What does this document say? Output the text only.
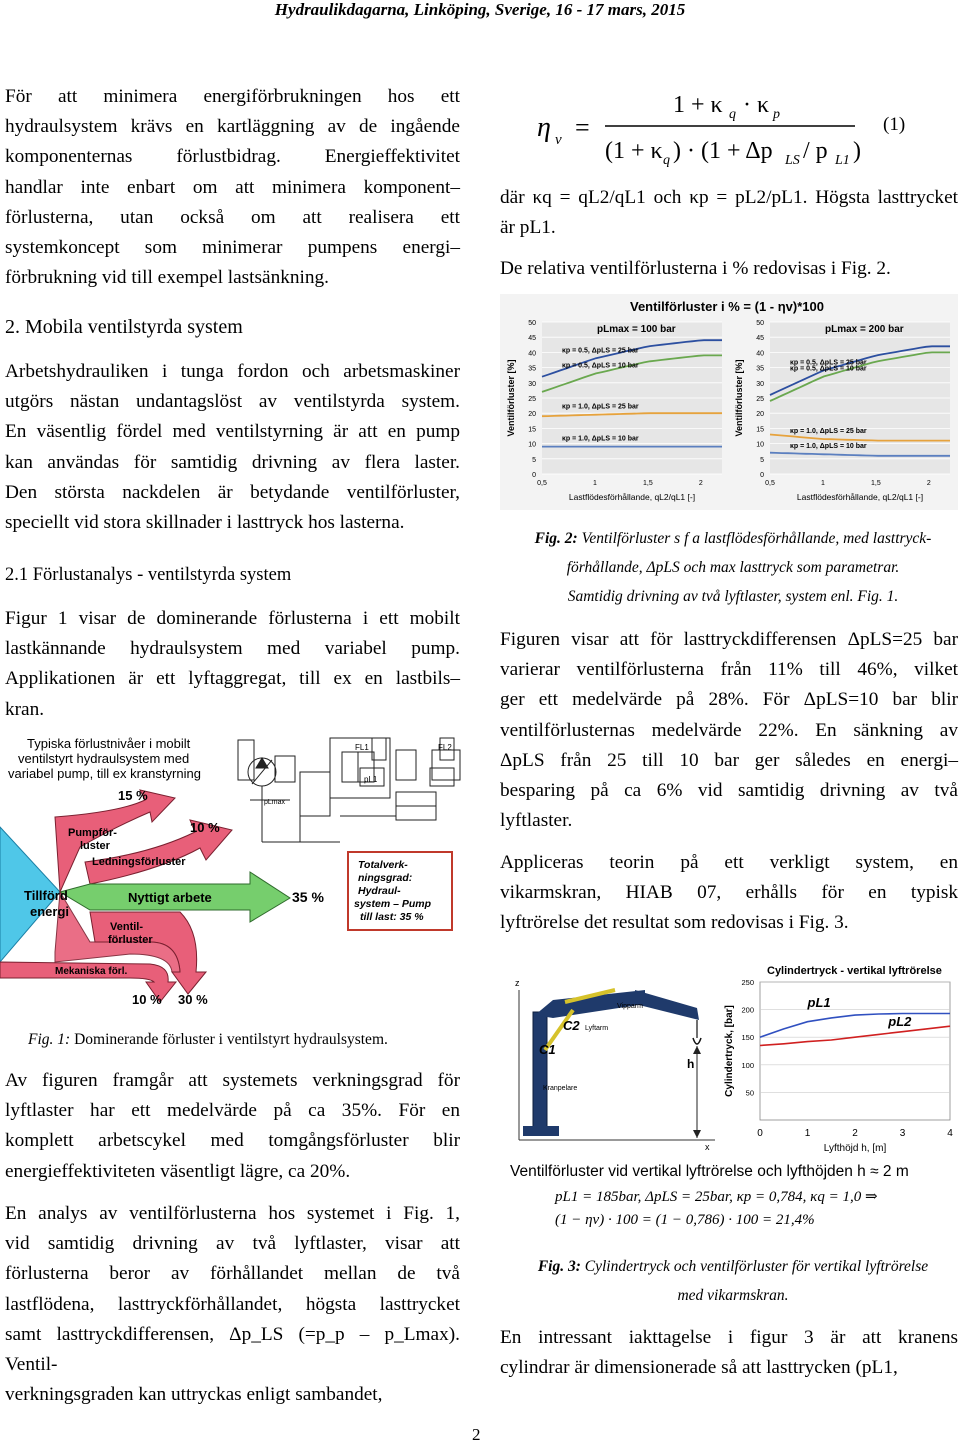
Hydraulikdagarna, Linköping, Sverige, 16 - 17 mars, 2015

För att minimera energiförbrukningen hos ett

hydraulsystem krävs en kartläggning av de ingående

komponenternas förlustbidrag. Energieffektivitet

handlar inte enbart om att minimera komponent–

förlusterna, utan också om att realisera ett

systemkoncept som minimerar pumpens energi–

förbrukning vid till exempel lastsänkning.

2. Mobila ventilstyrda system

Arbetshydrauliken i tunga fordon och arbetsmaskiner

utgörs nästan undantagslöst av ventilstyrda system.

En väsentlig fördel med ventilstyrning är att en pump

kan användas för samtidig drivning av flera laster.

Den största nackdelen är betydande ventilförluster,

speciellt vid stora skillnader i lasttryck hos lasterna.

2.1 Förlustanalys - ventilstyrda system

Figur 1 visar de dominerande förlusterna i ett mobilt

lastkännande hydraulsystem med variabel pump.

Applikationen är ett lyftaggregat, till ex en lastbils–

kran.

FL1	FL2
pL1
pLmax
Typiska förlustnivåer i mobilt
ventilstyrt hydraulsystem med
variabel pump, till ex kranstyrning
15 %
10 %
Pumpför-
luster
Ledningsförluster
Tillförd
energi
Nyttigt arbete
Ventil-
förluster
Mekaniska förl.
35 %
10 % 30 %
Totalverk-
ningsgrad:
Hydraul-
system – Pump
till last: 35 %
Fig. 1: Dominerande förluster i ventilstyrt hydraulsystem.

Av figuren framgår att systemets verkningsgrad för

lyftlaster har ett medelvärde på ca 35%. För en

komplett arbetscykel med tomgångsförluster blir

energieffektiviteten väsentligt lägre, ca 20%.

En analys av ventilförlusterna hos systemet i Fig. 1,

vid samtidig drivning av två lyftlaster, visar att

förlusterna beror av förhållandet mellan de två

lastflödena, lasttryckförhållandet, högsta lasttrycket

samt lasttryckdifferensen, Δp_LS (=p_p – p_Lmax). Ventil-

verkningsgraden kan uttryckas enligt sambandet,

η v =
1 + κ q · κ p
(1 + κ q ) · (1 + Δp LS / p L1 )
(1)

där κq = qL2/qL1 och κp = pL2/pL1. Högsta lasttrycket

är pL1.

De relativa ventilförlusterna i % redovisas i Fig. 2.
Ventilförluster i % = (1 - ηv)*100
50
45
40
35
30
25
20
15
10
5
0
0,5	1	1,5	2
Lastflödesförhållande, qL2/qL1 [-]
Ventilförluster [%]
pLmax = 100 bar
κp = 0.5, ΔpLS = 25 bar
κp = 0.5, ΔpLS = 10 bar
κp = 1.0, ΔpLS = 25 bar
κp = 1.0, ΔpLS = 10 bar
50
45
40
35
30
25
20
15
10
5
0
0,5	1	1,5	2
Lastflödesförhållande, qL2/qL1 [-]
Ventilförluster [%]
pLmax = 200 bar
κp = 0.5, ΔpLS = 25 bar
κp = 0.5, ΔpLS = 10 bar
κp = 1.0, ΔpLS = 25 bar
κp = 1.0, ΔpLS = 10 bar
Fig. 2: Ventilförluster s f a lastflödesförhållande, med lasttryck-
förhållande, ΔpLS och max lasttryck som parametrar.
Samtidig drivning av två lyftlaster, system enl. Fig. 1.

Figuren visar att för lasttryckdifferensen ΔpLS=25 bar

varierar ventilförlusterna från 11% till 46%, vilket

ger ett medelvärde på 28%. För ΔpLS=10 bar blir

ventilförlusternas medelvärde 22%. En sänkning av

ΔpLS från 25 till 10 bar ger således en energi–

besparing på ca 6% vid samtidig drivning av två

lyftlaster.

Appliceras teorin på ett verkligt system, en

vikarmskran, HIAB 07, erhålls för en typisk

lyftrörelse det resultat som redovisas i Fig. 3.

z
x
h
C2 Lyftarm
Vipparm
C1
Kranpelare
Cylindertryck - vertikal lyftrörelse
250
200
150
100
50
0	1	2	3	4
Lyfthöjd h, [m]
Cylindertryck, [bar]
pL1
pL2
Ventilförluster vid vertikal lyftrörelse och lyfthöjden h ≈ 2 m
pL1 = 185bar, ΔpLS = 25bar, κp = 0,784, κq = 1,0 ⇒
(1 − ηv) · 100 = (1 − 0,786) · 100 = 21,4%
Fig. 3: Cylindertryck och ventilförluster för vertikal lyftrörelse
med vikarmskran.

En intressant iakttagelse i figur 3 är att kranens

cylindrar är dimensionerade så att lasttrycken (pL1,

2
